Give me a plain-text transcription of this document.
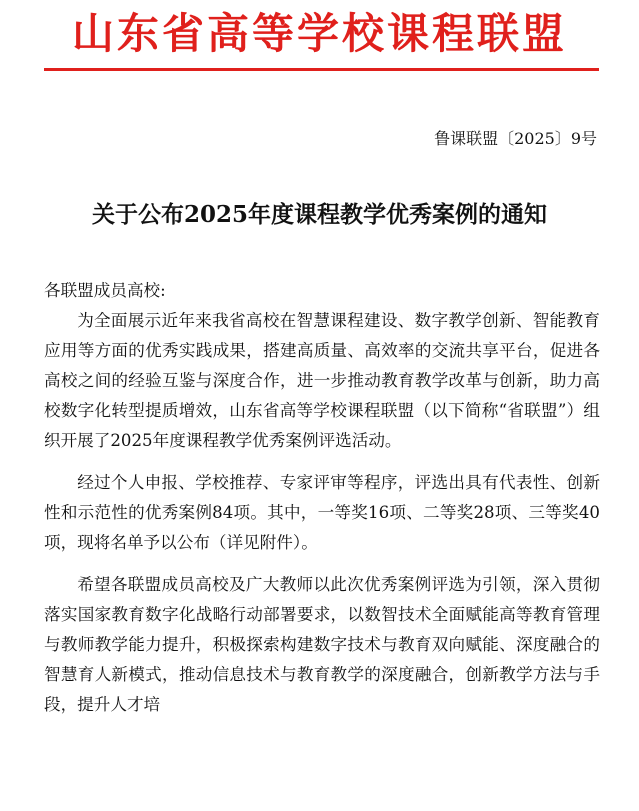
山东省高等学校课程联盟
鲁课联盟〔2025〕9号
关于公布2025年度课程教学优秀案例的通知

各联盟成员高校:

为全面展示近年来我省高校在智慧课程建设、数字教学创新、智能教育应用等方面的优秀实践成果，搭建高质量、高效率的交流共享平台，促进各高校之间的经验互鉴与深度合作，进一步推动教育教学改革与创新，助力高校数字化转型提质增效，山东省高等学校课程联盟（以下简称“省联盟”）组织开展了2025年度课程教学优秀案例评选活动。

经过个人申报、学校推荐、专家评审等程序，评选出具有代表性、创新性和示范性的优秀案例84项。其中，一等奖16项、二等奖28项、三等奖40项，现将名单予以公布（详见附件）。

希望各联盟成员高校及广大教师以此次优秀案例评选为引领，深入贯彻落实国家教育数字化战略行动部署要求，以数智技术全面赋能高等教育管理与教师教学能力提升，积极探索构建数字技术与教育双向赋能、深度融合的智慧育人新模式，推动信息技术与教育教学的深度融合，创新教学方法与手段，提升人才培
